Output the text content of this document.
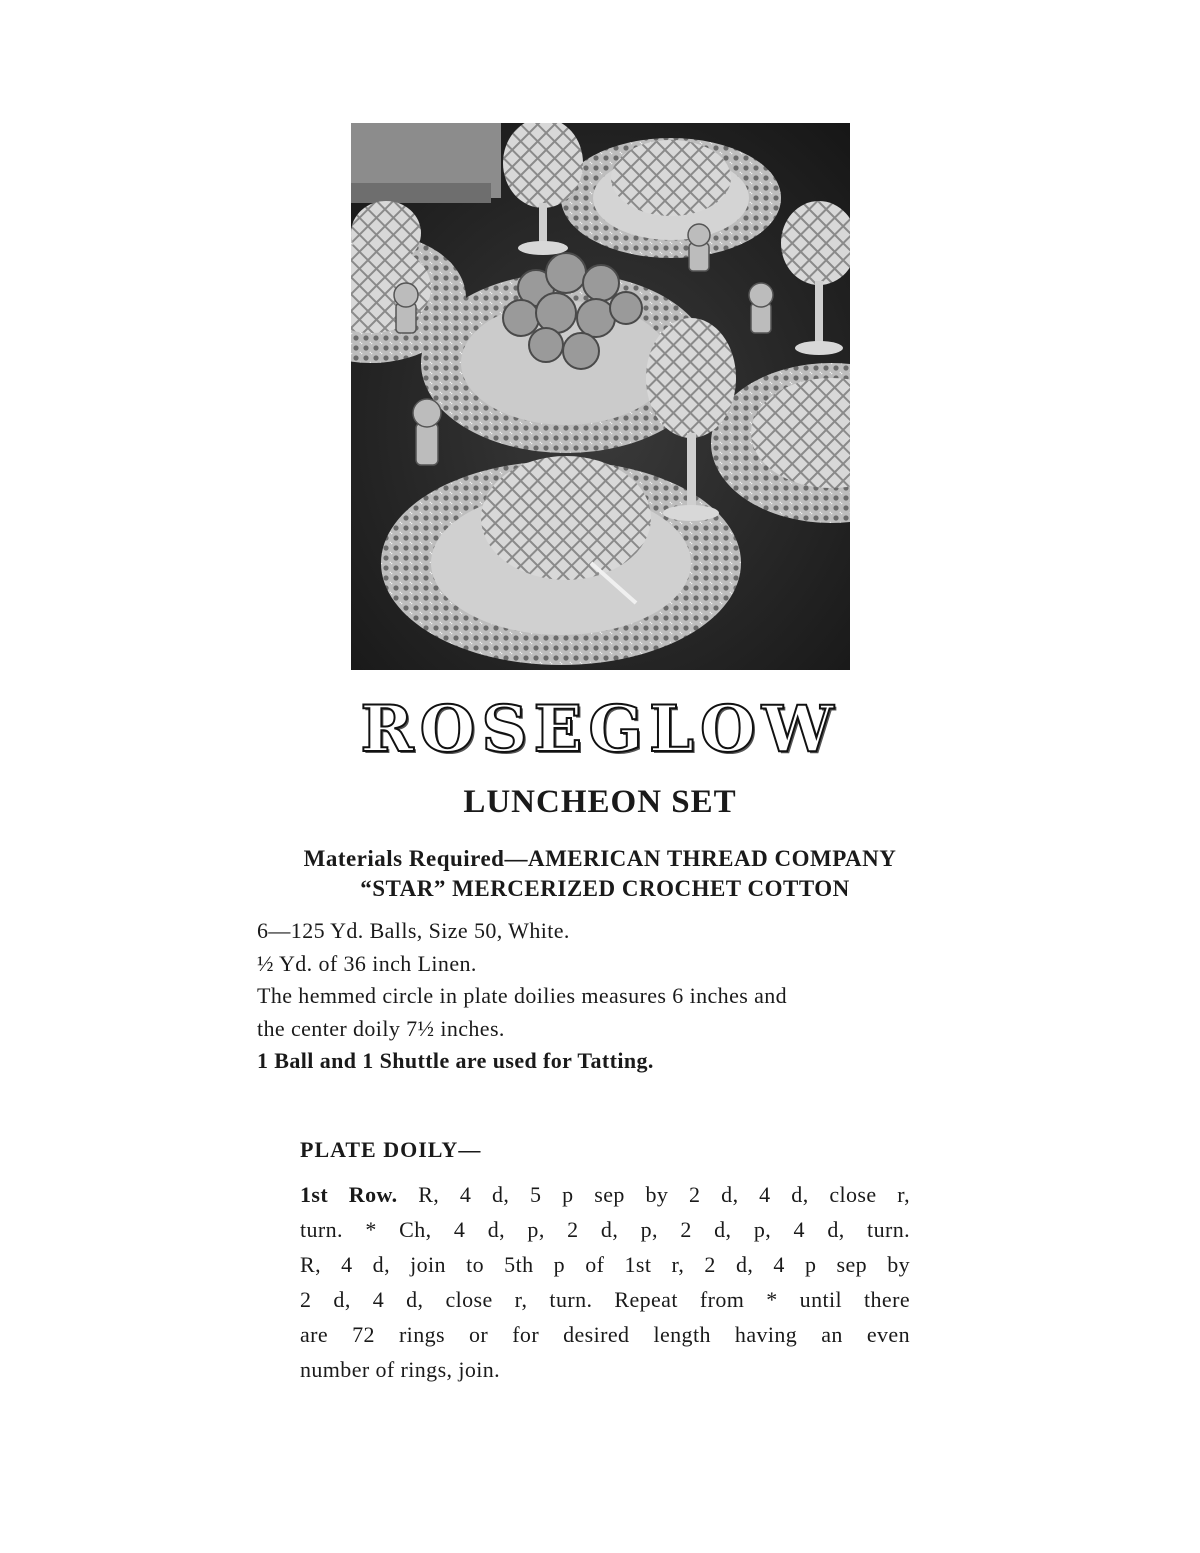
ROSEGLOW
LUNCHEON SET
Materials Required—AMERICAN THREAD COMPANY
“STAR” MERCERIZED CROCHET COTTON
6—125 Yd. Balls, Size 50, White.
½ Yd. of 36 inch Linen.
The hemmed circle in plate doilies measures 6 inches and
the center doily 7½ inches.
1 Ball and 1 Shuttle are used for Tatting.
PLATE DOILY—
1st Row. R, 4 d, 5 p sep by 2 d, 4 d, close r,
turn. * Ch, 4 d, p, 2 d, p, 2 d, p, 4 d, turn.
R, 4 d, join to 5th p of 1st r, 2 d, 4 p sep by
2 d, 4 d, close r, turn. Repeat from * until there
are 72 rings or for desired length having an even
number of rings, join.
